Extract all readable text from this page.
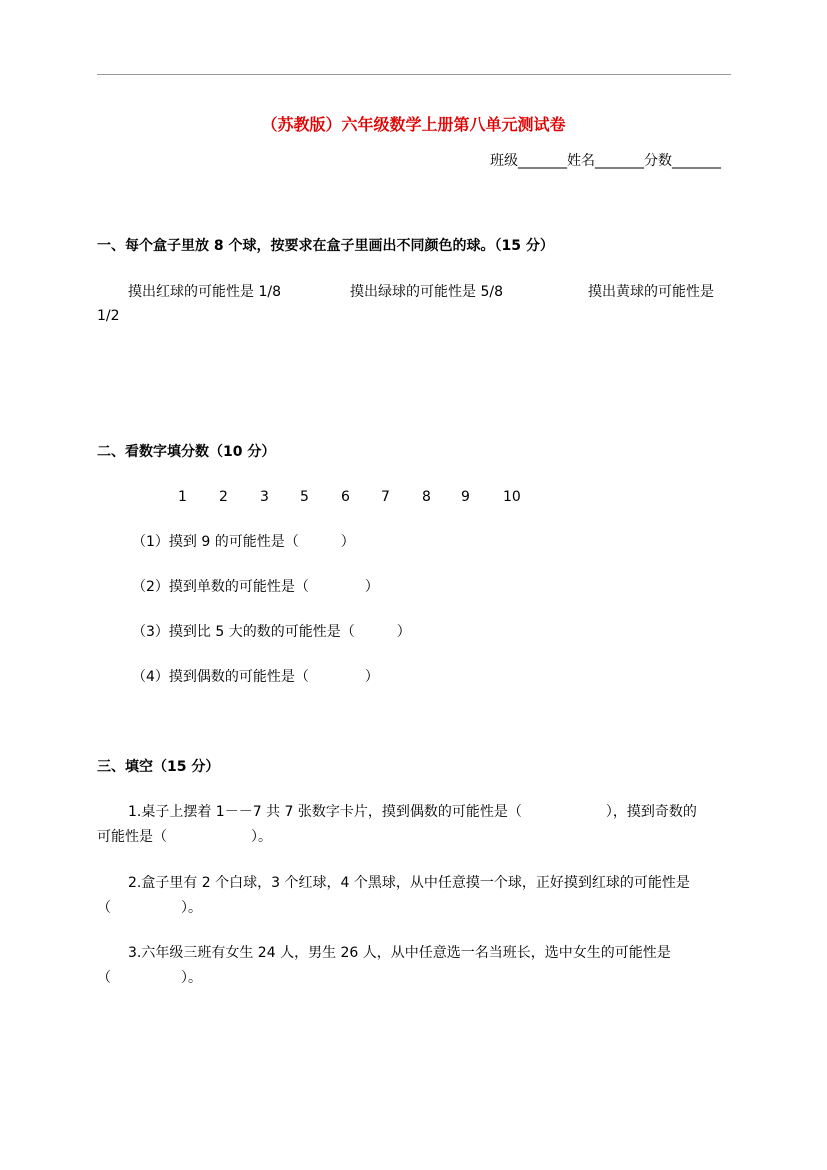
（苏教版）六年级数学上册第八单元测试卷
班级_______姓名_______分数_______
一、每个盒子里放 8 个球，按要求在盒子里画出不同颜色的球。（15 分）
摸出红球的可能性是 1/8	摸出绿球的可能性是 5/8	摸出黄球的可能性是
1/2
二、看数字填分数（10 分）
1 2 3 5 6 7 8 9 10
（1）摸到 9 的可能性是（　　　）
（2）摸到单数的可能性是（　　　　）
（3）摸到比 5 大的数的可能性是（　　　）
（4）摸到偶数的可能性是（　　　　）
三、填空（15 分）
1.桌子上摆着 1－－7 共 7 张数字卡片，摸到偶数的可能性是（　　　　　　），摸到奇数的
可能性是（　　　　　　）。
2.盒子里有 2 个白球，3 个红球，4 个黑球，从中任意摸一个球，正好摸到红球的可能性是
（　　　　　）。
3.六年级三班有女生 24 人，男生 26 人，从中任意选一名当班长，选中女生的可能性是
（　　　　　）。
